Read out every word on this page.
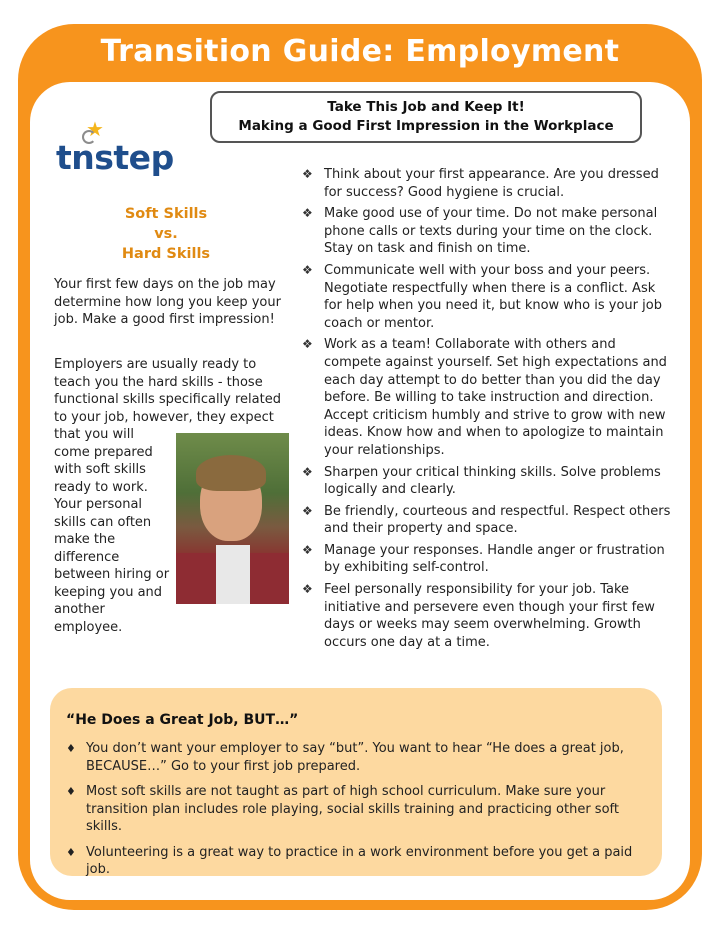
Transition Guide: Employment
Take This Job and Keep It!
Making a Good First Impression in the Workplace
★
tnstep
Soft Skills
vs.
Hard Skills
Your first few days on the job may determine how long you keep your job. Make a good first impression!
Employers are usually ready to teach you the hard skills - those functional skills specifically related to your job, however, they expect
that you will come prepared with soft skills ready to work. Your personal skills can often make the difference between hiring or keeping you and another employee.
❖ Think about your first appearance. Are you dressed for success? Good hygiene is crucial.
❖ Make good use of your time. Do not make personal phone calls or texts during your time on the clock. Stay on task and finish on time.
❖ Communicate well with your boss and your peers. Negotiate respectfully when there is a conflict. Ask for help when you need it, but know who is your job coach or mentor.
❖ Work as a team! Collaborate with others and compete against yourself. Set high expectations and each day attempt to do better than you did the day before. Be willing to take instruction and direction. Accept criticism humbly and strive to grow with new ideas. Know how and when to apologize to maintain your relationships.
❖ Sharpen your critical thinking skills. Solve problems logically and clearly.
❖ Be friendly, courteous and respectful. Respect others and their property and space.
❖ Manage your responses. Handle anger or frustration by exhibiting self-control.
❖ Feel personally responsibility for your job. Take initiative and persevere even though your first few days or weeks may seem overwhelming. Growth occurs one day at a time.
“He Does a Great Job, BUT…”
♦ You don’t want your employer to say “but”. You want to hear “He does a great job, BECAUSE…” Go to your first job prepared.
♦ Most soft skills are not taught as part of high school curriculum. Make sure your transition plan includes role playing, social skills training and practicing other soft skills.
♦ Volunteering is a great way to practice in a work environment before you get a paid job.
